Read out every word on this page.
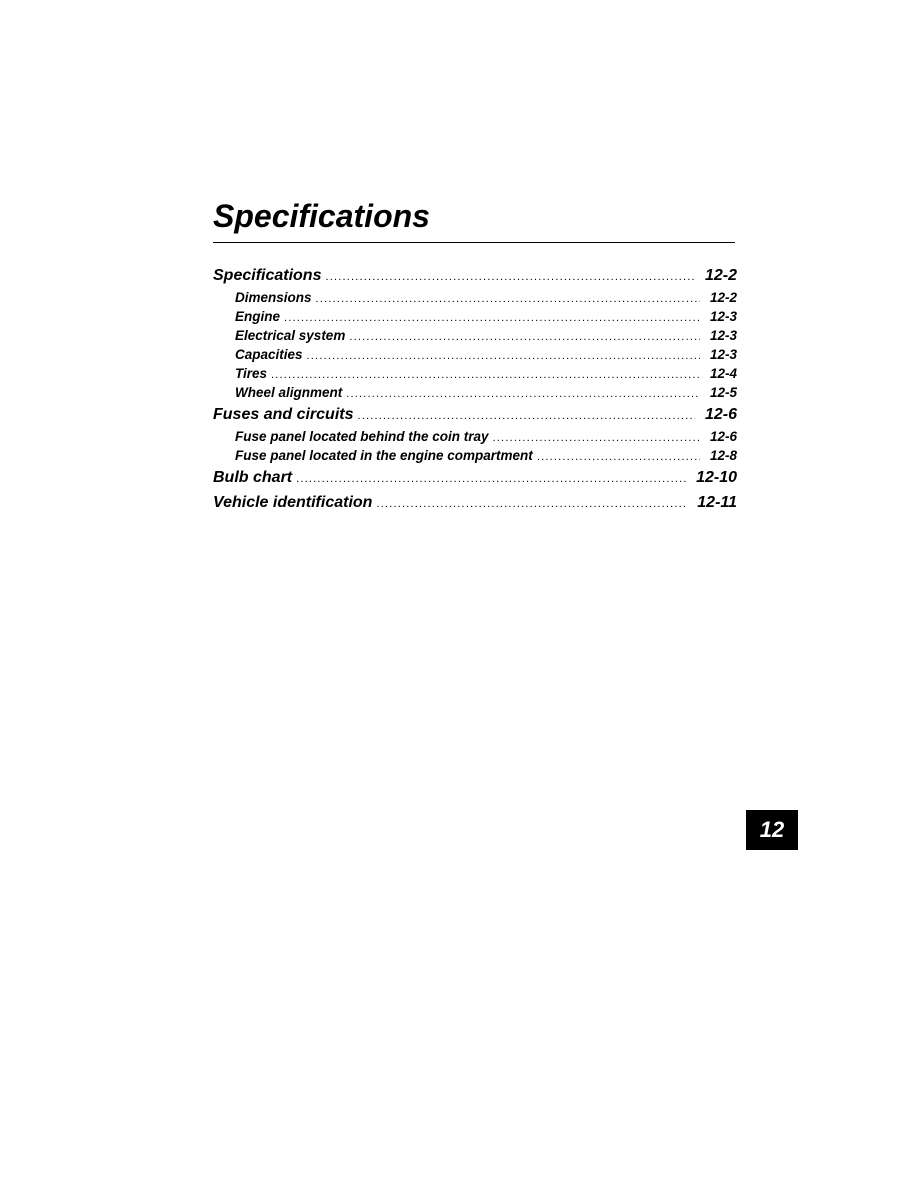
Specifications
Specifications .....	12-2
Dimensions .....	12-2
Engine .....	12-3
Electrical system .....	12-3
Capacities .....	12-3
Tires .....	12-4
Wheel alignment .....	12-5
Fuses and circuits .....	12-6
Fuse panel located behind the coin tray .....	12-6
Fuse panel located in the engine compartment .....	12-8
Bulb chart .....	12-10
Vehicle identification .....	12-11
12
